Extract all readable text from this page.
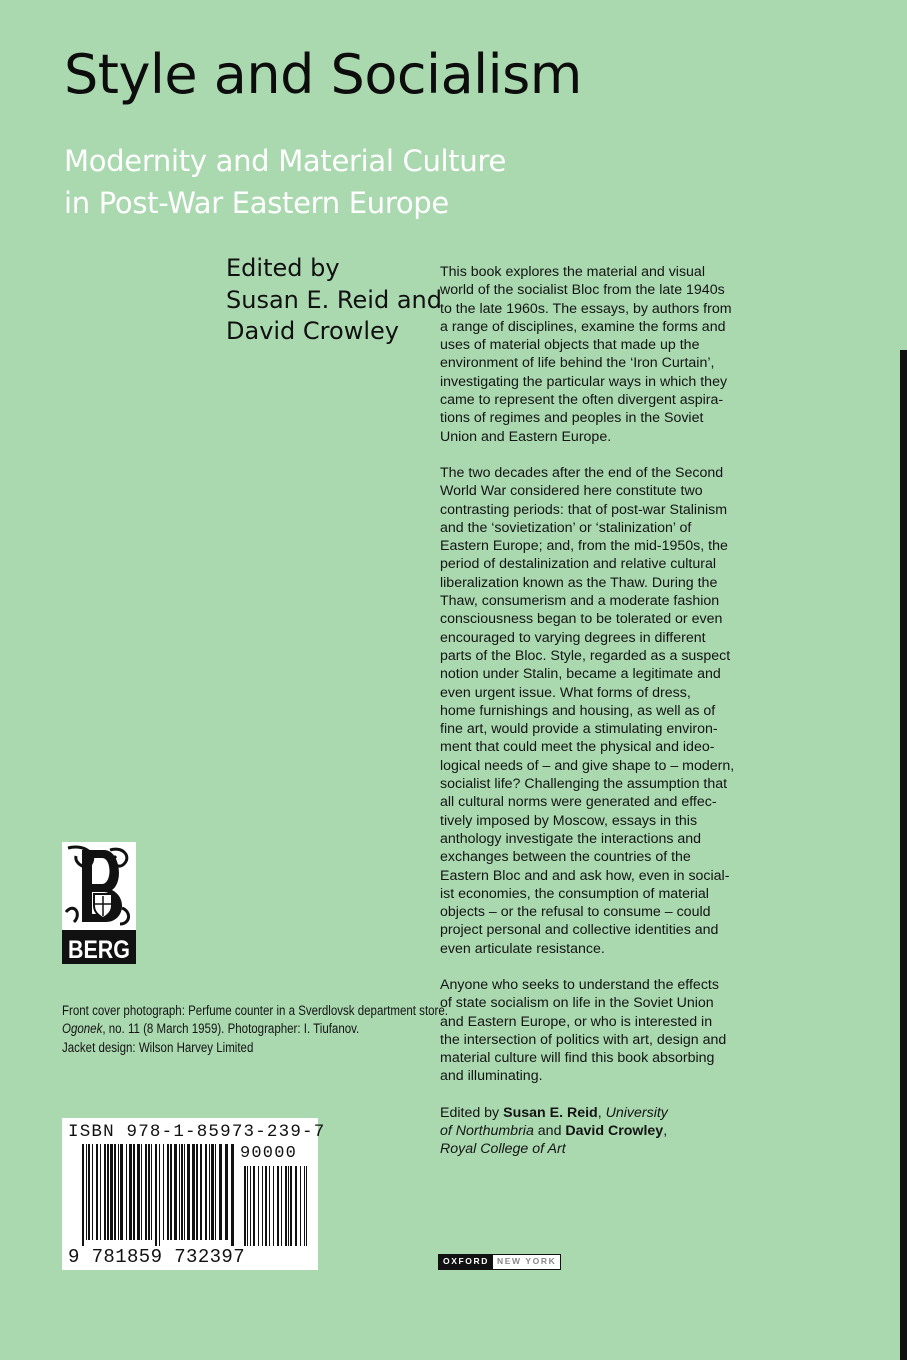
Style and Socialism
Modernity and Material Culture
in Post-War Eastern Europe
Edited by
Susan E. Reid and
David Crowley

This book explores the material and visual
world of the socialist Bloc from the late 1940s
to the late 1960s. The essays, by authors from
a range of disciplines, examine the forms and
uses of material objects that made up the
environment of life behind the ‘Iron Curtain’,
investigating the particular ways in which they
came to represent the often divergent aspira-
tions of regimes and peoples in the Soviet
Union and Eastern Europe.

The two decades after the end of the Second
World War considered here constitute two
contrasting periods: that of post-war Stalinism
and the ‘sovietization’ or ‘stalinization’ of
Eastern Europe; and, from the mid-1950s, the
period of destalinization and relative cultural
liberalization known as the Thaw. During the
Thaw, consumerism and a moderate fashion
consciousness began to be tolerated or even
encouraged to varying degrees in different
parts of the Bloc. Style, regarded as a suspect
notion under Stalin, became a legitimate and
even urgent issue. What forms of dress,
home furnishings and housing, as well as of
fine art, would provide a stimulating environ-
ment that could meet the physical and ideo-
logical needs of – and give shape to – modern,
socialist life? Challenging the assumption that
all cultural norms were generated and effec-
tively imposed by Moscow, essays in this
anthology investigate the interactions and
exchanges between the countries of the
Eastern Bloc and and ask how, even in social-
ist economies, the consumption of material
objects – or the refusal to consume – could
project personal and collective identities and
even articulate resistance.

Anyone who seeks to understand the effects
of state socialism on life in the Soviet Union
and Eastern Europe, or who is interested in
the intersection of politics with art, design and
material culture will find this book absorbing
and illuminating.

Edited by Susan E. Reid, University
of Northumbria and David Crowley,
Royal College of Art

BERG
Front cover photograph: Perfume counter in a Sverdlovsk department store.
Ogonek, no. 11 (8 March 1959). Photographer: I. Tiufanov.
Jacket design: Wilson Harvey Limited
ISBN 978-1-85973-239-7
90000
9 781859 732397	OXFORD NEW YORK
